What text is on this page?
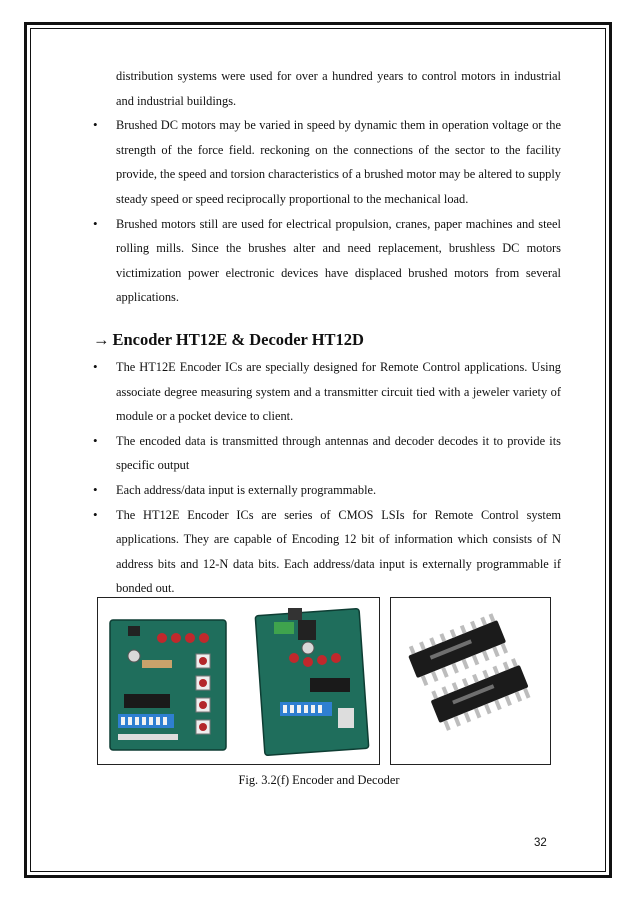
distribution systems were used for over a hundred years to control motors in industrial and industrial buildings.

• Brushed DC motors may be varied in speed by dynamic them in operation voltage or the strength of the force field. reckoning on the connections of the sector to the facility provide, the speed and torsion characteristics of a brushed motor may be altered to supply steady speed or speed reciprocally proportional to the mechanical load.
• Brushed motors still are used for electrical propulsion, cranes, paper machines and steel rolling mills. Since the brushes alter and need replacement, brushless DC motors victimization power electronic devices have displaced brushed motors from several applications.
→ Encoder HT12E & Decoder HT12D
• The HT12E Encoder ICs are specially designed for Remote Control applications. Using associate degree measuring system and a transmitter circuit tied with a jeweler variety of module or a pocket device to client.
• The encoded data is transmitted through antennas and decoder decodes it to provide its specific output
• Each address/data input is externally programmable.
• The HT12E Encoder ICs are series of CMOS LSIs for Remote Control system applications. They are capable of Encoding 12 bit of information which consists of N address bits and 12-N data bits. Each address/data input is externally programmable if bonded out.
Fig. 3.2(f) Encoder and Decoder
32
